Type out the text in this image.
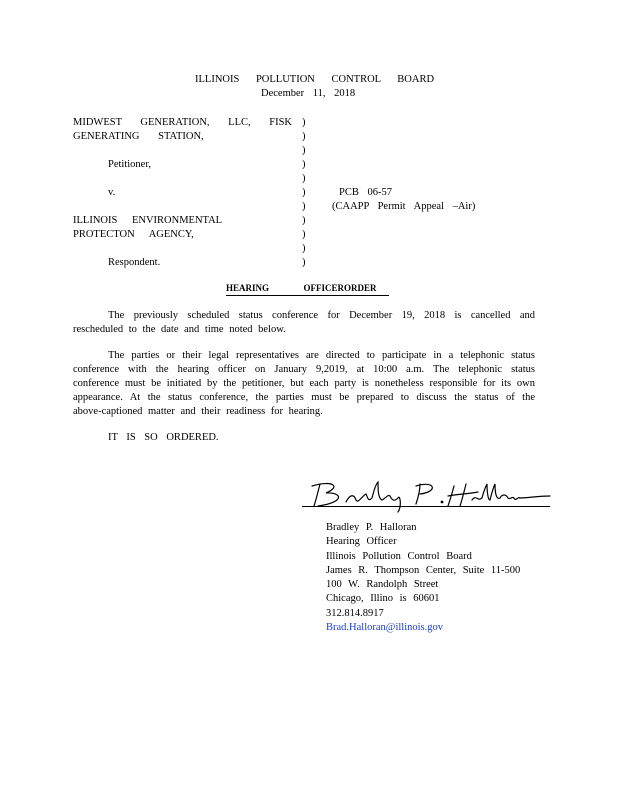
ILLINOIS POLLUTION CONTROL BOARD
December 11, 2018
MIDWEST GENERATION, LLC, FISK
GENERATING STATION,
Petitioner,
v.
ILLINOIS ENVIRONMENTAL
PROTECTON AGENCY,
Respondent.
)
)
)
)
)
)
)
)
)
)
)
PCB 06-57
(CAAPP Permit Appeal –Air)
HEARING	OFFICERORDER
The previously scheduled status conference for December 19, 2018 is cancelled and rescheduled to the date and time noted below.
The parties or their legal representatives are directed to participate in a telephonic status conference with the hearing officer on January 9,2019, at 10:00 a.m. The telephonic status conference must be initiated by the petitioner, but each party is nonetheless responsible for its own appearance. At the status conference, the parties must be prepared to discuss the status of the above-captioned matter and their readiness for hearing.
IT IS SO ORDERED.
Bradley P. Halloran
Hearing Officer
Illinois Pollution Control Board
James R. Thompson Center, Suite 11-500
100 W. Randolph Street
Chicago, Illino is 60601
312.814.8917
Brad.Halloran@illinois.gov
